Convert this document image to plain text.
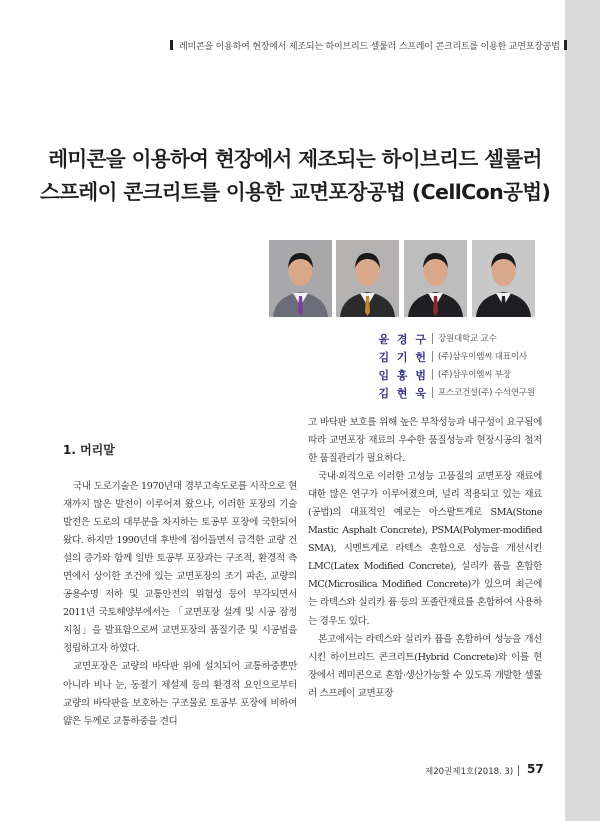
레미콘을 이용하여 현장에서 제조되는 하이브리드 셀룰러 스프레이 콘크리트를 이용한 교면포장공법
레미콘을 이용하여 현장에서 제조되는 하이브리드 셀룰러
스프레이 콘크리트를 이용한 교면포장공법 (CellCon공법)
윤 경 구 강원대학교 교수
김 기 헌 (주)삼우이엠씨 대표이사
임 홍 범 (주)삼우이엠씨 부장
김 현 욱 포스코건설(주) 수석연구원
1. 머리말

국내 도로기술은 1970년대 경부고속도로를 시작으로 현재까지 많은 발전이 이루어져 왔으나, 이러한 포장의 기술 발전은 도로의 대부분을 차지하는 토공부 포장에 국한되어 왔다. 하지만 1990년대 후반에 접어들면서 급격한 교량 건설의 증가와 함께 일반 토공부 포장과는 구조적, 환경적 측면에서 상이한 조건에 있는 교면포장의 조기 파손, 교량의 공용수명 저하 및 교통안전의 위험성 등이 부각되면서 2011년 국토해양부에서는 「교면포장 설계 및 시공 잠정지침」을 발표함으로써 교면포장의 품질기준 및 시공법을 정립하고자 하였다.

교면포장은 교량의 바닥판 위에 설치되어 교통하중뿐만 아니라 비나 눈, 동절기 제설제 등의 환경적 요인으로부터 교량의 바닥판을 보호하는 구조물로 토공부 포장에 비하여 얇은 두께로 교통하중을 견디

고 바닥판 보호를 위해 높은 부착성능과 내구성이 요구됨에 따라 교면포장 재료의 우수한 품질성능과 현장시공의 철저한 품질관리가 필요하다.

국내·외적으로 이러한 고성능 고품질의 교면포장 재료에 대한 많은 연구가 이루어졌으며, 널리 적용되고 있는 재료(공법)의 대표적인 예로는 아스팔트계로 SMA(Stone Mastic Asphalt Concrete), PSMA(Polymer-modified SMA), 시멘트계로 라텍스 혼합으로 성능을 개선시킨 LMC(Latex Modified Concrete), 실리카 퓸을 혼합한 MC(Microsilica Modified Concrete)가 있으며 최근에는 라텍스와 실리카 퓸 등의 포졸란재료를 혼합하여 사용하는 경우도 있다.

본고에서는 라텍스와 실리카 퓸을 혼합하여 성능을 개선시킨 하이브리드 콘크리트(Hybrid Concrete)와 이를 현장에서 레미콘으로 혼합·생산가능할 수 있도록 개발한 셀룰러 스프레이 교면포장

제20권제1호(2018. 3) 57
